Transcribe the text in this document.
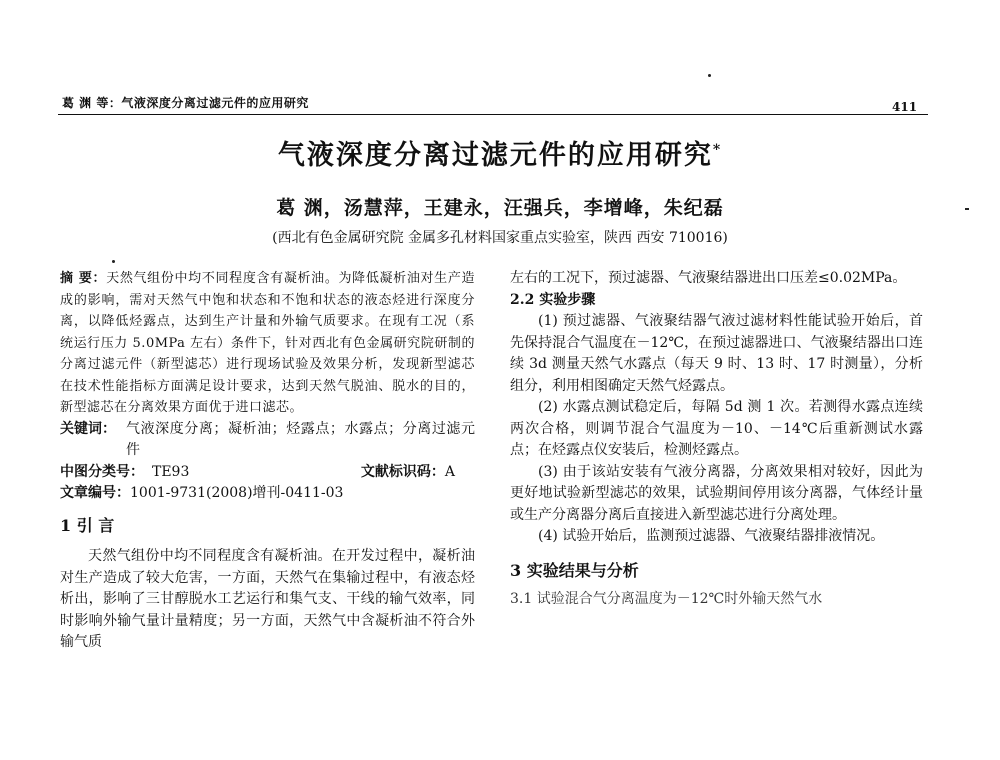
葛 渊 等：气液深度分离过滤元件的应用研究	411
气液深度分离过滤元件的应用研究*
葛 渊，汤慧萍，王建永，汪强兵，李增峰，朱纪磊
(西北有色金属研究院 金属多孔材料国家重点实验室，陕西 西安 710016)
摘 要：天然气组份中均不同程度含有凝析油。为降低凝析油对生产造成的影响，需对天然气中饱和状态和不饱和状态的液态烃进行深度分离，以降低烃露点，达到生产计量和外输气质要求。在现有工况（系统运行压力 5.0MPa 左右）条件下，针对西北有色金属研究院研制的分离过滤元件（新型滤芯）进行现场试验及效果分析，发现新型滤芯在技术性能指标方面满足设计要求，达到天然气脱油、脱水的目的，新型滤芯在分离效果方面优于进口滤芯。
关键词： 气液深度分离；凝析油；烃露点；水露点；分离过滤元件
中图分类号： TE93	文献标识码：A
文章编号：1001-9731(2008)增刊-0411-03
1 引 言

天然气组份中均不同程度含有凝析油。在开发过程中，凝析油对生产造成了较大危害，一方面，天然气在集输过程中，有液态烃析出，影响了三甘醇脱水工艺运行和集气支、干线的输气效率，同时影响外输气量计量精度；另一方面，天然气中含凝析油不符合外输气质

左右的工况下，预过滤器、气液聚结器进出口压差≤0.02MPa。

2.2 实验步骤

(1) 预过滤器、气液聚结器气液过滤材料性能试验开始后，首先保持混合气温度在－12℃，在预过滤器进口、气液聚结器出口连续 3d 测量天然气水露点（每天 9 时、13 时、17 时测量），分析组分，利用相图确定天然气烃露点。

(2) 水露点测试稳定后，每隔 5d 测 1 次。若测得水露点连续两次合格，则调节混合气温度为－10、－14℃后重新测试水露点；在烃露点仪安装后，检测烃露点。

(3) 由于该站安装有气液分离器，分离效果相对较好，因此为更好地试验新型滤芯的效果，试验期间停用该分离器，气体经计量或生产分离器分离后直接进入新型滤芯进行分离处理。

(4) 试验开始后，监测预过滤器、气液聚结器排液情况。

3 实验结果与分析
3.1 试验混合气分离温度为－12℃时外输天然气水
